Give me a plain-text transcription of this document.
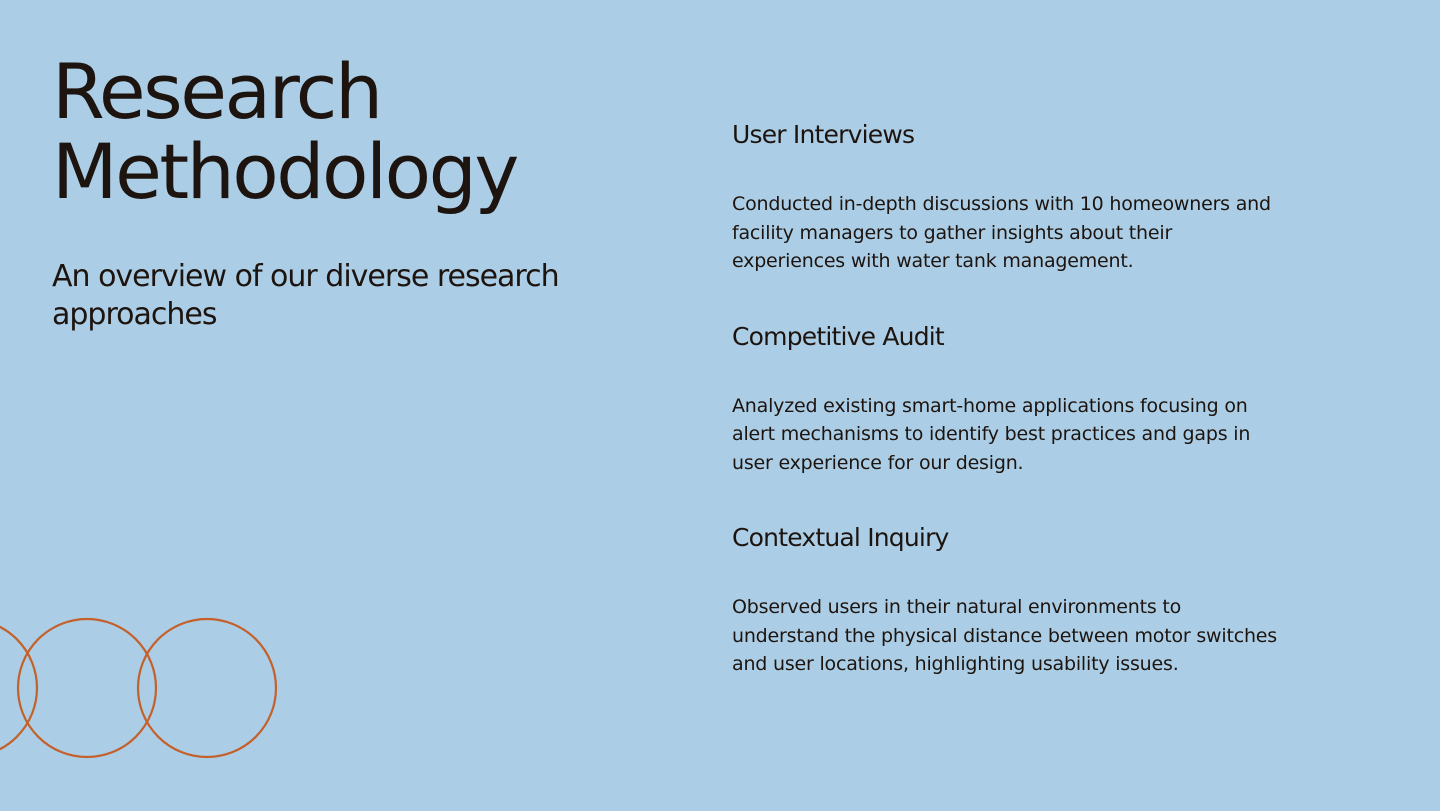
Research
Methodology

An overview of our diverse research approaches

User Interviews

Conducted in-depth discussions with 10 homeowners and facility managers to gather insights about their experiences with water tank management.

Competitive Audit

Analyzed existing smart-home applications focusing on alert mechanisms to identify best practices and gaps in user experience for our design.

Contextual Inquiry

Observed users in their natural environments to understand the physical distance between motor switches and user locations, highlighting usability issues.
